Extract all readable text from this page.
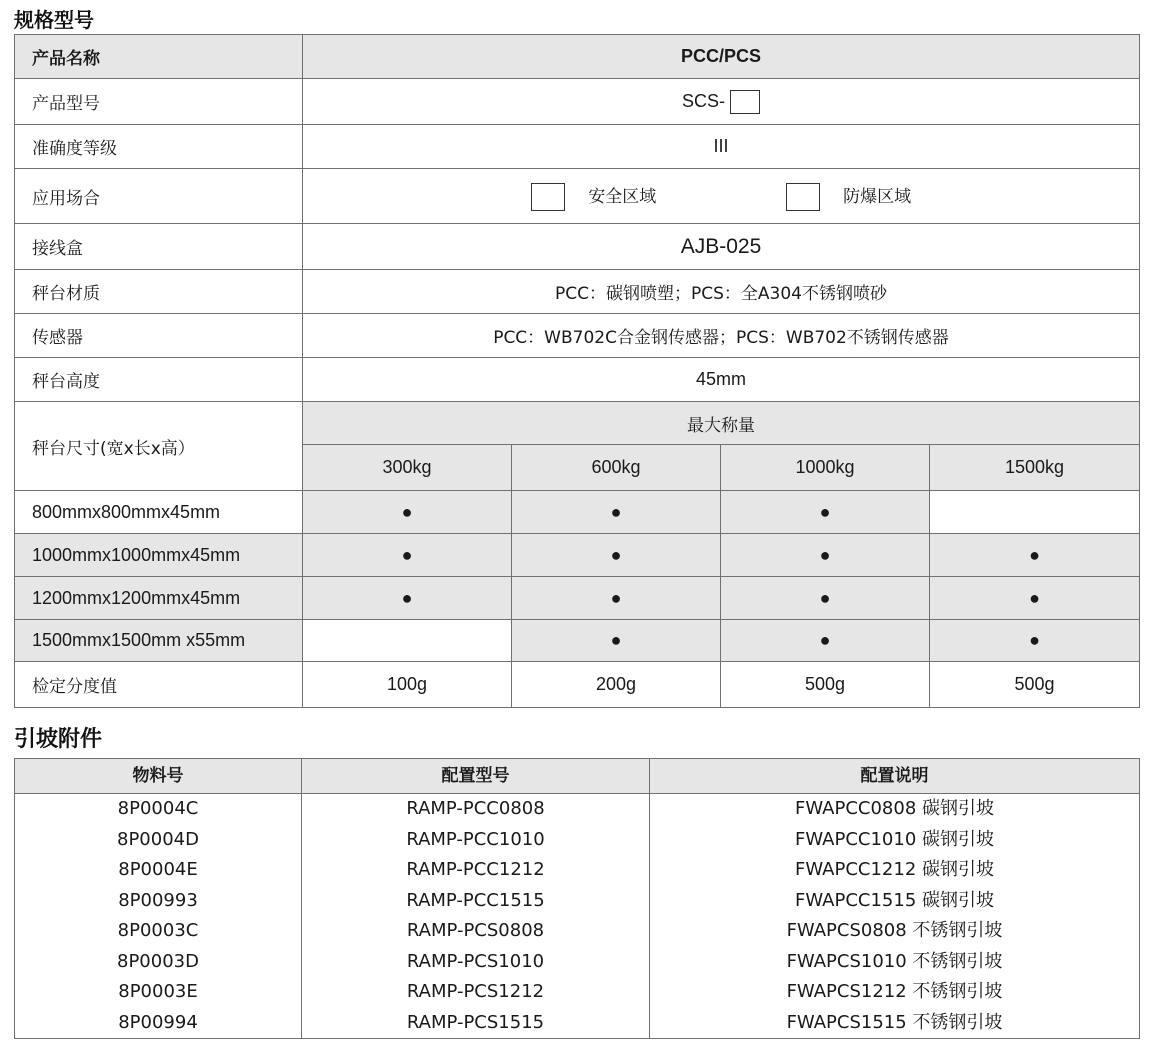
规格型号
产品名称	PCC/PCS			
产品型号	SCS-			
准确度等级	III			
应用场合	安全区域 防爆区域			
接线盒	AJB-025			
秤台材质	PCC：碳钢喷塑；PCS：全A304不锈钢喷砂			
传感器	PCC：WB702C合金钢传感器；PCS：WB702不锈钢传感器			
秤台高度	45mm			
秤台尺寸(宽x长x高）	最大称量			
	300kg	600kg	1000kg	1500kg
800mmx800mmx45mm	●	●	●	
1000mmx1000mmx45mm	●	●	●	●
1200mmx1200mmx45mm	●	●	●	●
1500mmx1500mm x55mm		●	●	●
检定分度值	100g	200g	500g	500g
引坡附件
物料号	配置型号	配置说明
8P0004C	RAMP-PCC0808	FWAPCC0808 碳钢引坡
8P0004D	RAMP-PCC1010	FWAPCC1010 碳钢引坡
8P0004E	RAMP-PCC1212	FWAPCC1212 碳钢引坡
8P00993	RAMP-PCC1515	FWAPCC1515 碳钢引坡
8P0003C	RAMP-PCS0808	FWAPCS0808 不锈钢引坡
8P0003D	RAMP-PCS1010	FWAPCS1010 不锈钢引坡
8P0003E	RAMP-PCS1212	FWAPCS1212 不锈钢引坡
8P00994	RAMP-PCS1515	FWAPCS1515 不锈钢引坡
